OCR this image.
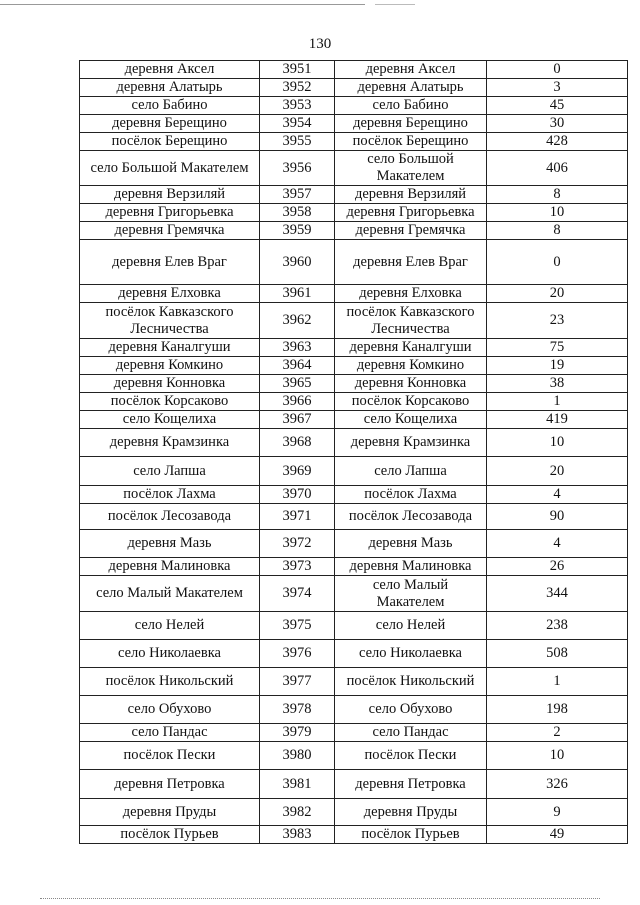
130
деревня Аксел	3951	деревня Аксел	0
деревня Алатырь	3952	деревня Алатырь	3
село Бабино	3953	село Бабино	45
деревня Берещино	3954	деревня Берещино	30
посёлок Берещино	3955	посёлок Берещино	428
село Большой Макателем	3956	село Большой Макателем	406
деревня Верзиляй	3957	деревня Верзиляй	8
деревня Григорьевка	3958	деревня Григорьевка	10
деревня Гремячка	3959	деревня Гремячка	8
деревня Елев Враг	3960	деревня Елев Враг	0
деревня Елховка	3961	деревня Елховка	20
посёлок Кавказского Лесничества	3962	посёлок Кавказского Лесничества	23
деревня Каналгуши	3963	деревня Каналгуши	75
деревня Комкино	3964	деревня Комкино	19
деревня Конновка	3965	деревня Конновка	38
посёлок Корсаково	3966	посёлок Корсаково	1
село Кощелиха	3967	село Кощелиха	419
деревня Крамзинка	3968	деревня Крамзинка	10
село Лапша	3969	село Лапша	20
посёлок Лахма	3970	посёлок Лахма	4
посёлок Лесозавода	3971	посёлок Лесозавода	90
деревня Мазь	3972	деревня Мазь	4
деревня Малиновка	3973	деревня Малиновка	26
село Малый Макателем	3974	село Малый Макателем	344
село Нелей	3975	село Нелей	238
село Николаевка	3976	село Николаевка	508
посёлок Никольский	3977	посёлок Никольский	1
село Обухово	3978	село Обухово	198
село Пандас	3979	село Пандас	2
посёлок Пески	3980	посёлок Пески	10
деревня Петровка	3981	деревня Петровка	326
деревня Пруды	3982	деревня Пруды	9
посёлок Пурьев	3983	посёлок Пурьев	49
